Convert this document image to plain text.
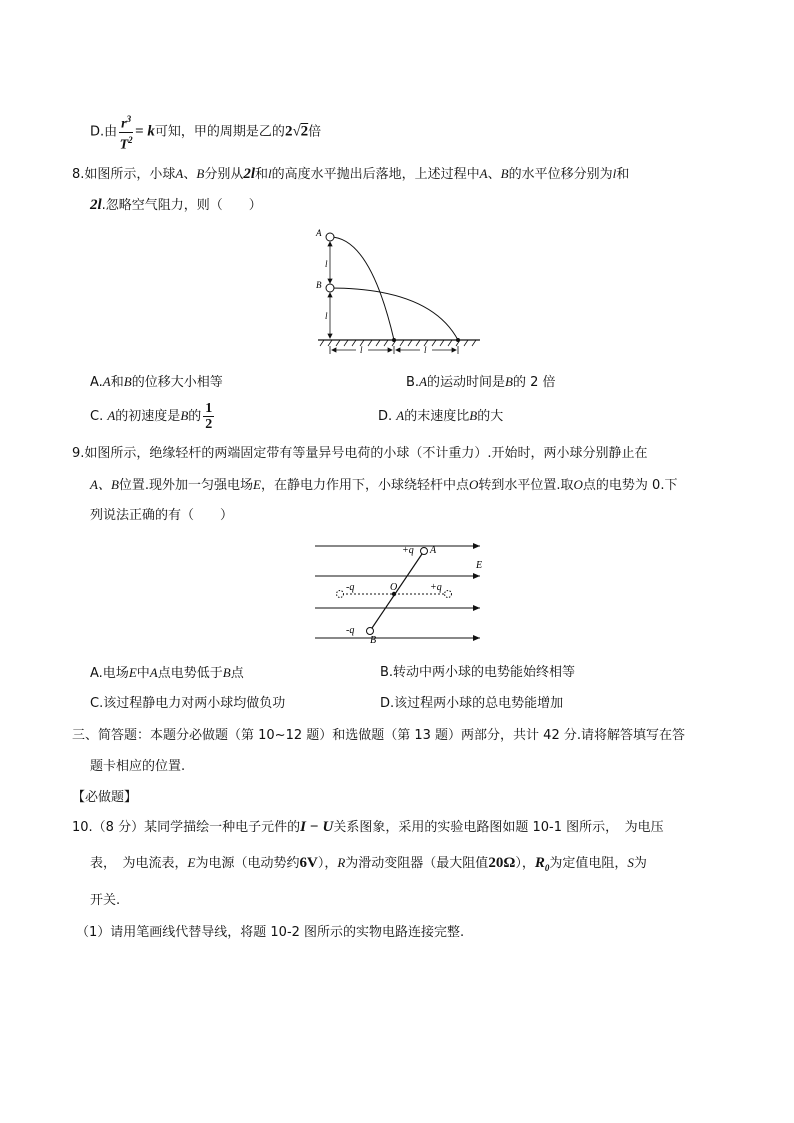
D.由 $\frac{r^3}{T^2} = k$可知，甲的周期是乙的2√2倍
8.如图所示，小球A、B分别从2l和l的高度水平抛出后落地，上述过程中A、B的水平位移分别为l和
2l.忽略空气阻力，则（　　）
A
B
l
l
l	l
A.A和B的位移大小相等	B.A的运动时间是B的 2 倍
C. A的初速度是B的 $\frac{1}{2}$	D. A的末速度比B的大
9.如图所示，绝缘轻杆的两端固定带有等量异号电荷的小球（不计重力）.开始时，两小球分别静止在
A、B位置.现外加一匀强电场E，在静电力作用下，小球绕轻杆中点O转到水平位置.取O点的电势为 0.下
列说法正确的有（　　）
+q A
-q	O	+q
-q
B
E
A.电场E中A点电势低于B点	B.转动中两小球的电势能始终相等
C.该过程静电力对两小球均做负功	D.该过程两小球的总电势能增加
三、简答题：本题分必做题（第 10~12 题）和选做题（第 13 题）两部分，共计 42 分.请将解答填写在答
题卡相应的位置.
【必做题】
10.（8 分）某同学描绘一种电子元件的I − U关系图象，采用的实验电路图如题 10-1 图所示，　为电压
表，　为电流表，E为电源（电动势约6V），R为滑动变阻器（最大阻值20Ω），$R_0$为定值电阻，S为
开关.
（1）请用笔画线代替导线，将题 10-2 图所示的实物电路连接完整.
